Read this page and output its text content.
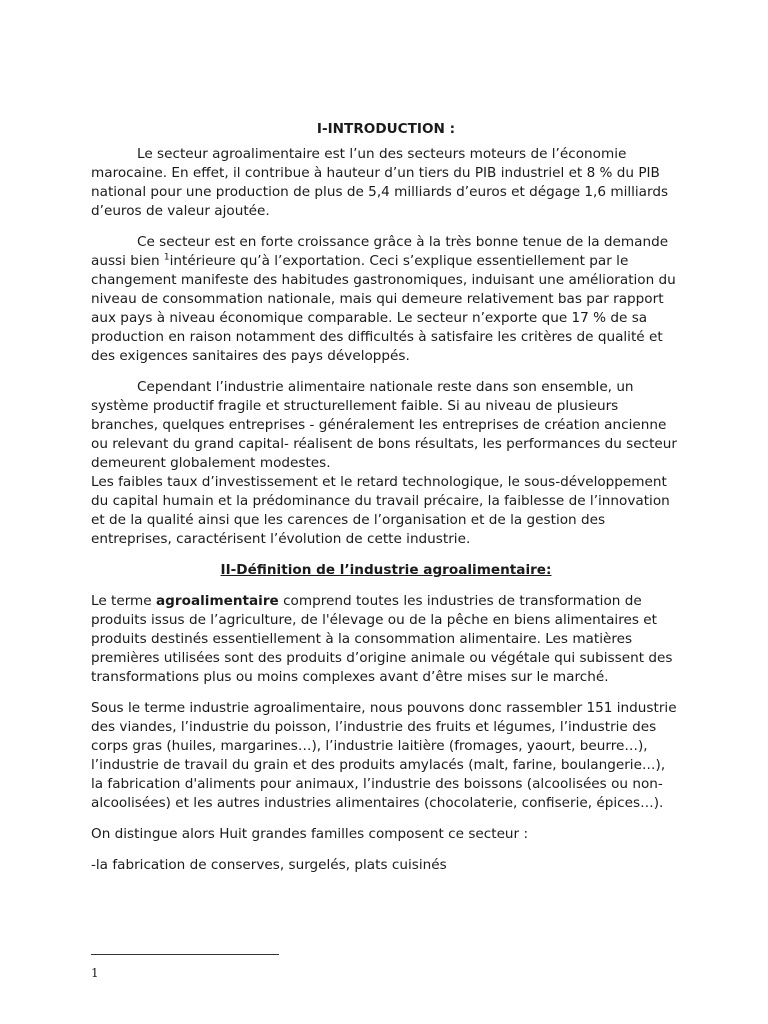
I-INTRODUCTION :

Le secteur agroalimentaire est l’un des secteurs moteurs de l’économie marocaine. En effet, il contribue à hauteur d’un tiers du PIB industriel et 8 % du PIB national pour une production de plus de 5,4 milliards d’euros et dégage 1,6 milliards d’euros de valeur ajoutée.

Ce secteur est en forte croissance grâce à la très bonne tenue de la demande aussi bien $^1$intérieure qu’à l’exportation. Ceci s’explique essentiellement par le changement manifeste des habitudes gastronomiques, induisant une amélioration du niveau de consommation nationale, mais qui demeure relativement bas par rapport aux pays à niveau économique comparable. Le secteur n’exporte que 17 % de sa production en raison notamment des difficultés à satisfaire les critères de qualité et des exigences sanitaires des pays développés.

Cependant l’industrie alimentaire nationale reste dans son ensemble, un système productif fragile et structurellement faible. Si au niveau de plusieurs branches, quelques entreprises - généralement les entreprises de création ancienne ou relevant du grand capital- réalisent de bons résultats, les performances du secteur demeurent globalement modestes.

Les faibles taux d’investissement et le retard technologique, le sous-développement du capital humain et la prédominance du travail précaire, la faiblesse de l’innovation et de la qualité ainsi que les carences de l’organisation et de la gestion des entreprises, caractérisent l’évolution de cette industrie.

II-Définition de l’industrie agroalimentaire:

Le terme agroalimentaire comprend toutes les industries de transformation de produits issus de l’agriculture, de l'élevage ou de la pêche en biens alimentaires et produits destinés essentiellement à la consommation alimentaire. Les matières premières utilisées sont des produits d’origine animale ou végétale qui subissent des transformations plus ou moins complexes avant d’être mises sur le marché.

Sous le terme industrie agroalimentaire, nous pouvons donc rassembler 151 industrie des viandes, l’industrie du poisson, l’industrie des fruits et légumes, l’industrie des corps gras (huiles, margarines…), l’industrie laitière (fromages, yaourt, beurre…), l’industrie de travail du grain et des produits amylacés (malt, farine, boulangerie…), la fabrication d'aliments pour animaux, l’industrie des boissons (alcoolisées ou non-alcoolisées) et les autres industries alimentaires (chocolaterie, confiserie, épices…).

On distingue alors Huit grandes familles composent ce secteur :

-la fabrication de conserves, surgelés, plats cuisinés

1
